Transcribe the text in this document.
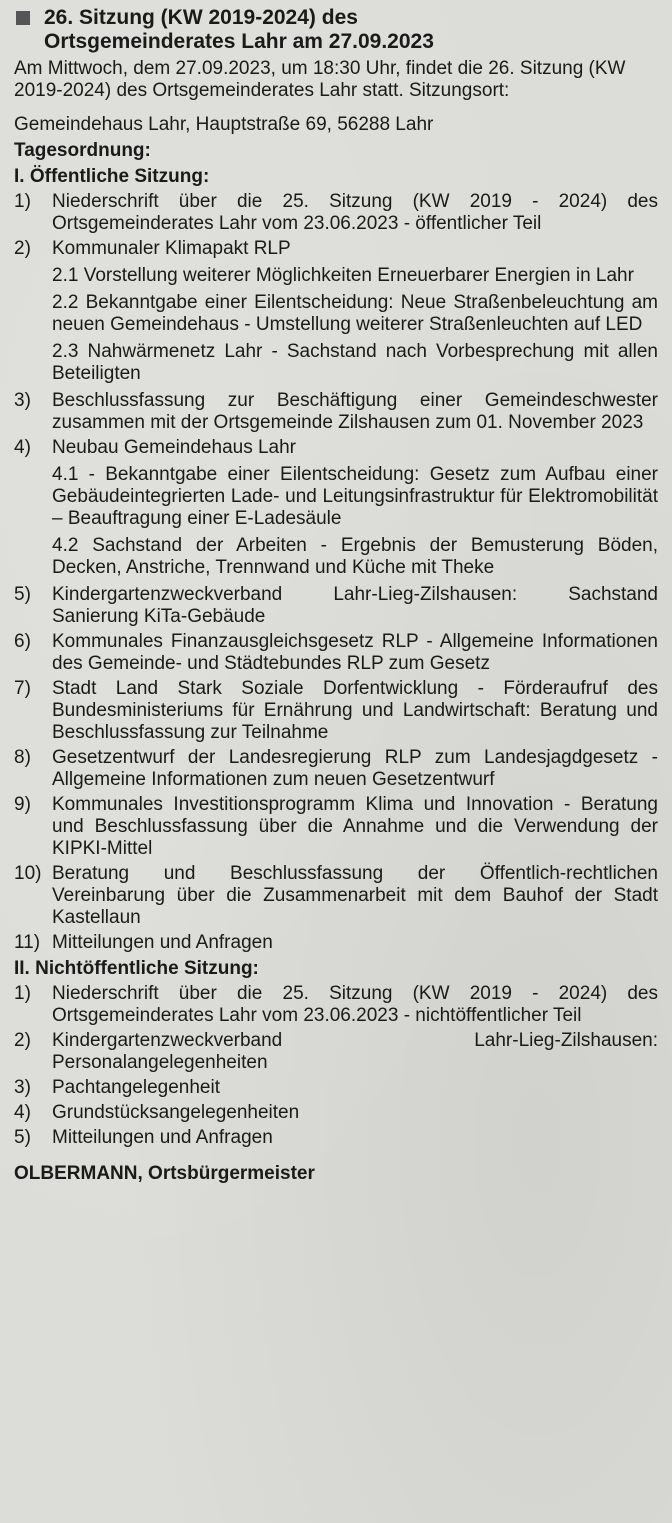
26. Sitzung (KW 2019-2024) des
Ortsgemeinderates Lahr am 27.09.2023

Am Mittwoch, dem 27.09.2023, um 18:30 Uhr, findet die 26. Sitzung (KW 2019-2024) des Ortsgemeinderates Lahr statt. Sitzungsort:

Gemeindehaus Lahr, Hauptstraße 69, 56288 Lahr

Tagesordnung:
I. Öffentliche Sitzung:
1)	Niederschrift über die 25. Sitzung (KW 2019 - 2024) des Ortsgemeinderates Lahr vom 23.06.2023 - öffentlicher Teil
2)	Kommunaler Klimapakt RLP
2.1 Vorstellung weiterer Möglichkeiten Erneuerbarer Energien in Lahr
2.2 Bekanntgabe einer Eilentscheidung: Neue Straßenbeleuchtung am neuen Gemeindehaus - Umstellung weiterer Straßenleuchten auf LED
2.3 Nahwärmenetz Lahr - Sachstand nach Vorbesprechung mit allen Beteiligten
3)	Beschlussfassung zur Beschäftigung einer Gemeindeschwester zusammen mit der Ortsgemeinde Zilshausen zum 01. November 2023
4)	Neubau Gemeindehaus Lahr
4.1 - Bekanntgabe einer Eilentscheidung: Gesetz zum Aufbau einer Gebäudeintegrierten Lade- und Leitungsinfrastruktur für Elektromobilität – Beauftragung einer E-Ladesäule
4.2 Sachstand der Arbeiten - Ergebnis der Bemusterung Böden, Decken, Anstriche, Trennwand und Küche mit Theke
5)	Kindergartenzweckverband Lahr-Lieg-Zilshausen: Sachstand Sanierung KiTa-Gebäude
6)	Kommunales Finanzausgleichsgesetz RLP - Allgemeine Informationen des Gemeinde- und Städtebundes RLP zum Gesetz
7)	Stadt Land Stark Soziale Dorfentwicklung - Förderaufruf des Bundesministeriums für Ernährung und Landwirtschaft: Beratung und Beschlussfassung zur Teilnahme
8)	Gesetzentwurf der Landesregierung RLP zum Landesjagdgesetz - Allgemeine Informationen zum neuen Gesetzentwurf
9)	Kommunales Investitionsprogramm Klima und Innovation - Beratung und Beschlussfassung über die Annahme und die Verwendung der KIPKI-Mittel
10) Beratung und Beschlussfassung der Öffentlich-rechtlichen Vereinbarung über die Zusammenarbeit mit dem Bauhof der Stadt Kastellaun
11) Mitteilungen und Anfragen
II. Nichtöffentliche Sitzung:
1)	Niederschrift über die 25. Sitzung (KW 2019 - 2024) des Ortsgemeinderates Lahr vom 23.06.2023 - nichtöffentlicher Teil
2)	Kindergartenzweckverband Lahr-Lieg-Zilshausen: Personalangelegenheiten
3)	Pachtangelegenheit
4)	Grundstücksangelegenheiten
5)	Mitteilungen und Anfragen
OLBERMANN, Ortsbürgermeister
